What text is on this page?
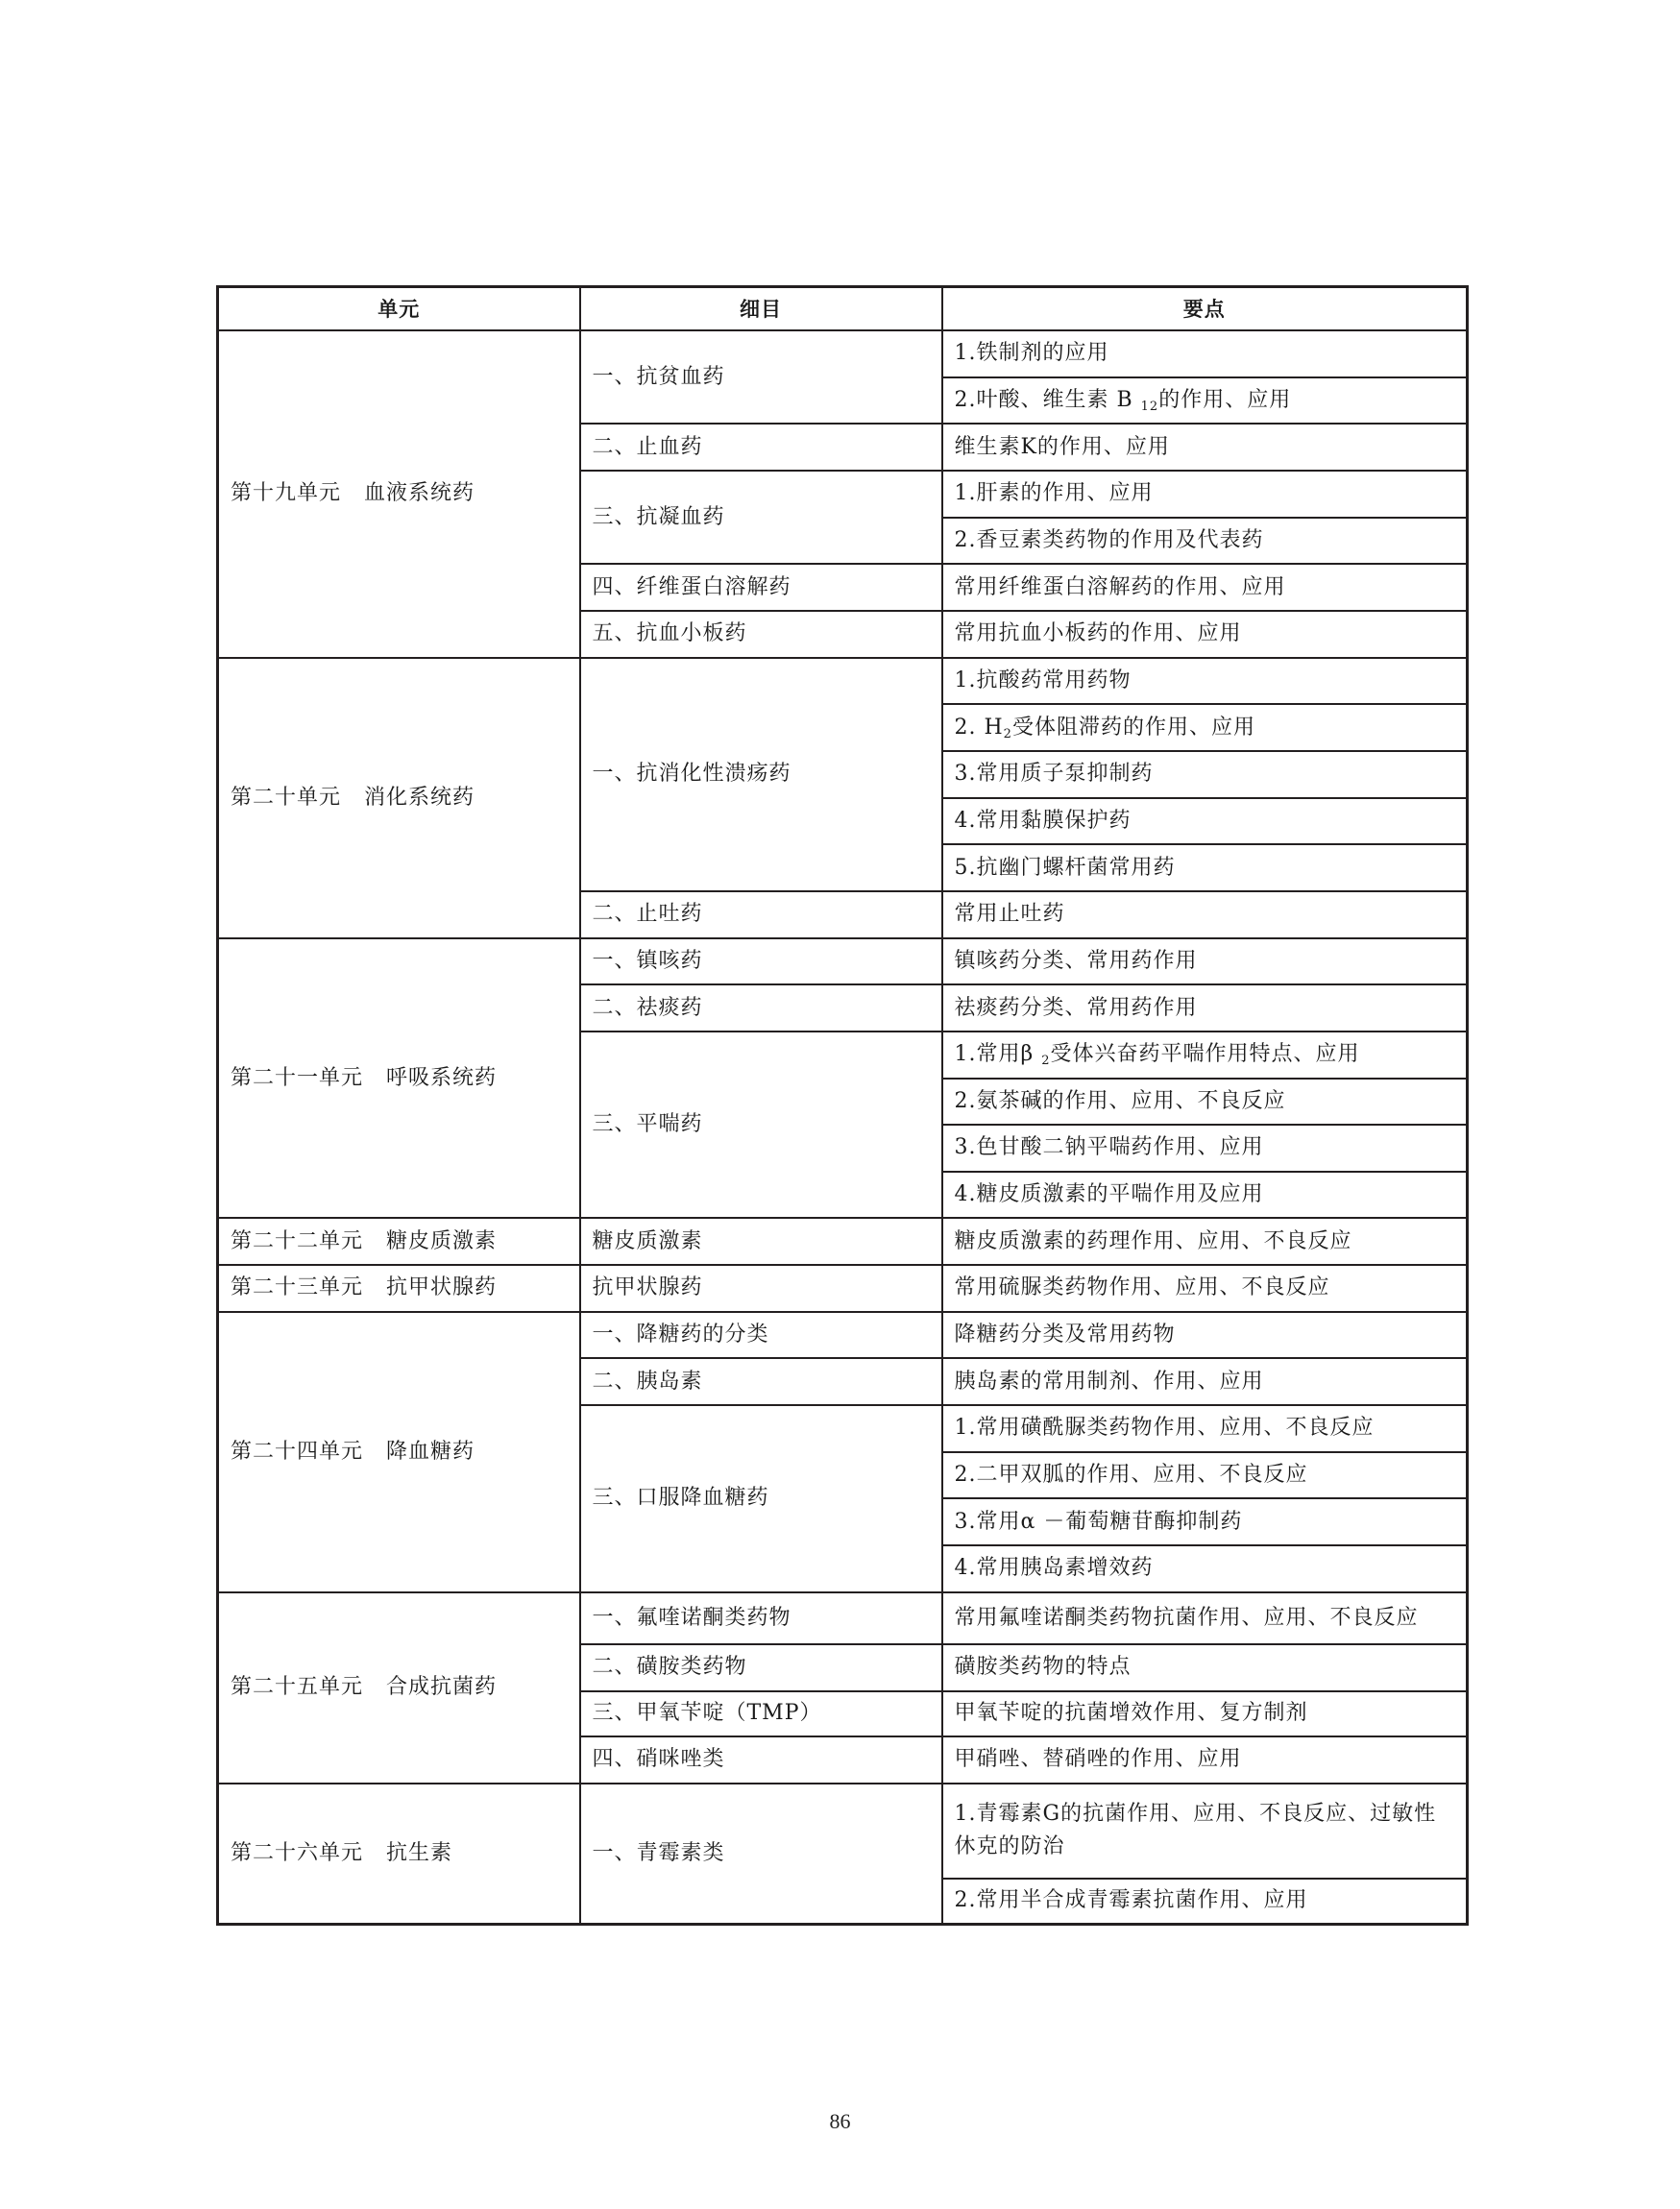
单元	细目	要点
第十九单元 血液系统药	一、抗贫血药	1.铁制剂的应用
		2.叶酸、维生素 B $_{12}$的作用、应用
	二、止血药	维生素K的作用、应用
	三、抗凝血药	1.肝素的作用、应用
		2.香豆素类药物的作用及代表药
	四、纤维蛋白溶解药	常用纤维蛋白溶解药的作用、应用
	五、抗血小板药	常用抗血小板药的作用、应用
第二十单元 消化系统药	一、抗消化性溃疡药	1.抗酸药常用药物
		2. $H_2$受体阻滞药的作用、应用
		3.常用质子泵抑制药
		4.常用黏膜保护药
		5.抗幽门螺杆菌常用药
	二、止吐药	常用止吐药
第二十一单元 呼吸系统药	一、镇咳药	镇咳药分类、常用药作用
	二、祛痰药	祛痰药分类、常用药作用
	三、平喘药	1.常用β $_2$受体兴奋药平喘作用特点、应用
		2.氨茶碱的作用、应用、不良反应
		3.色甘酸二钠平喘药作用、应用
		4.糖皮质激素的平喘作用及应用
第二十二单元 糖皮质激素	糖皮质激素	糖皮质激素的药理作用、应用、不良反应
第二十三单元 抗甲状腺药	抗甲状腺药	常用硫脲类药物作用、应用、不良反应
第二十四单元 降血糖药	一、降糖药的分类	降糖药分类及常用药物
	二、胰岛素	胰岛素的常用制剂、作用、应用
	三、口服降血糖药	1.常用磺酰脲类药物作用、应用、不良反应
		2.二甲双胍的作用、应用、不良反应
		3.常用α －葡萄糖苷酶抑制药
		4.常用胰岛素增效药
第二十五单元 合成抗菌药	一、氟喹诺酮类药物	常用氟喹诺酮类药物抗菌作用、应用、不良反应
	二、磺胺类药物	磺胺类药物的特点
	三、甲氧苄啶（TMP）	甲氧苄啶的抗菌增效作用、复方制剂
	四、硝咪唑类	甲硝唑、替硝唑的作用、应用
第二十六单元 抗生素	一、青霉素类	1.青霉素G的抗菌作用、应用、不良反应、过敏性休克的防治
		2.常用半合成青霉素抗菌作用、应用
86
